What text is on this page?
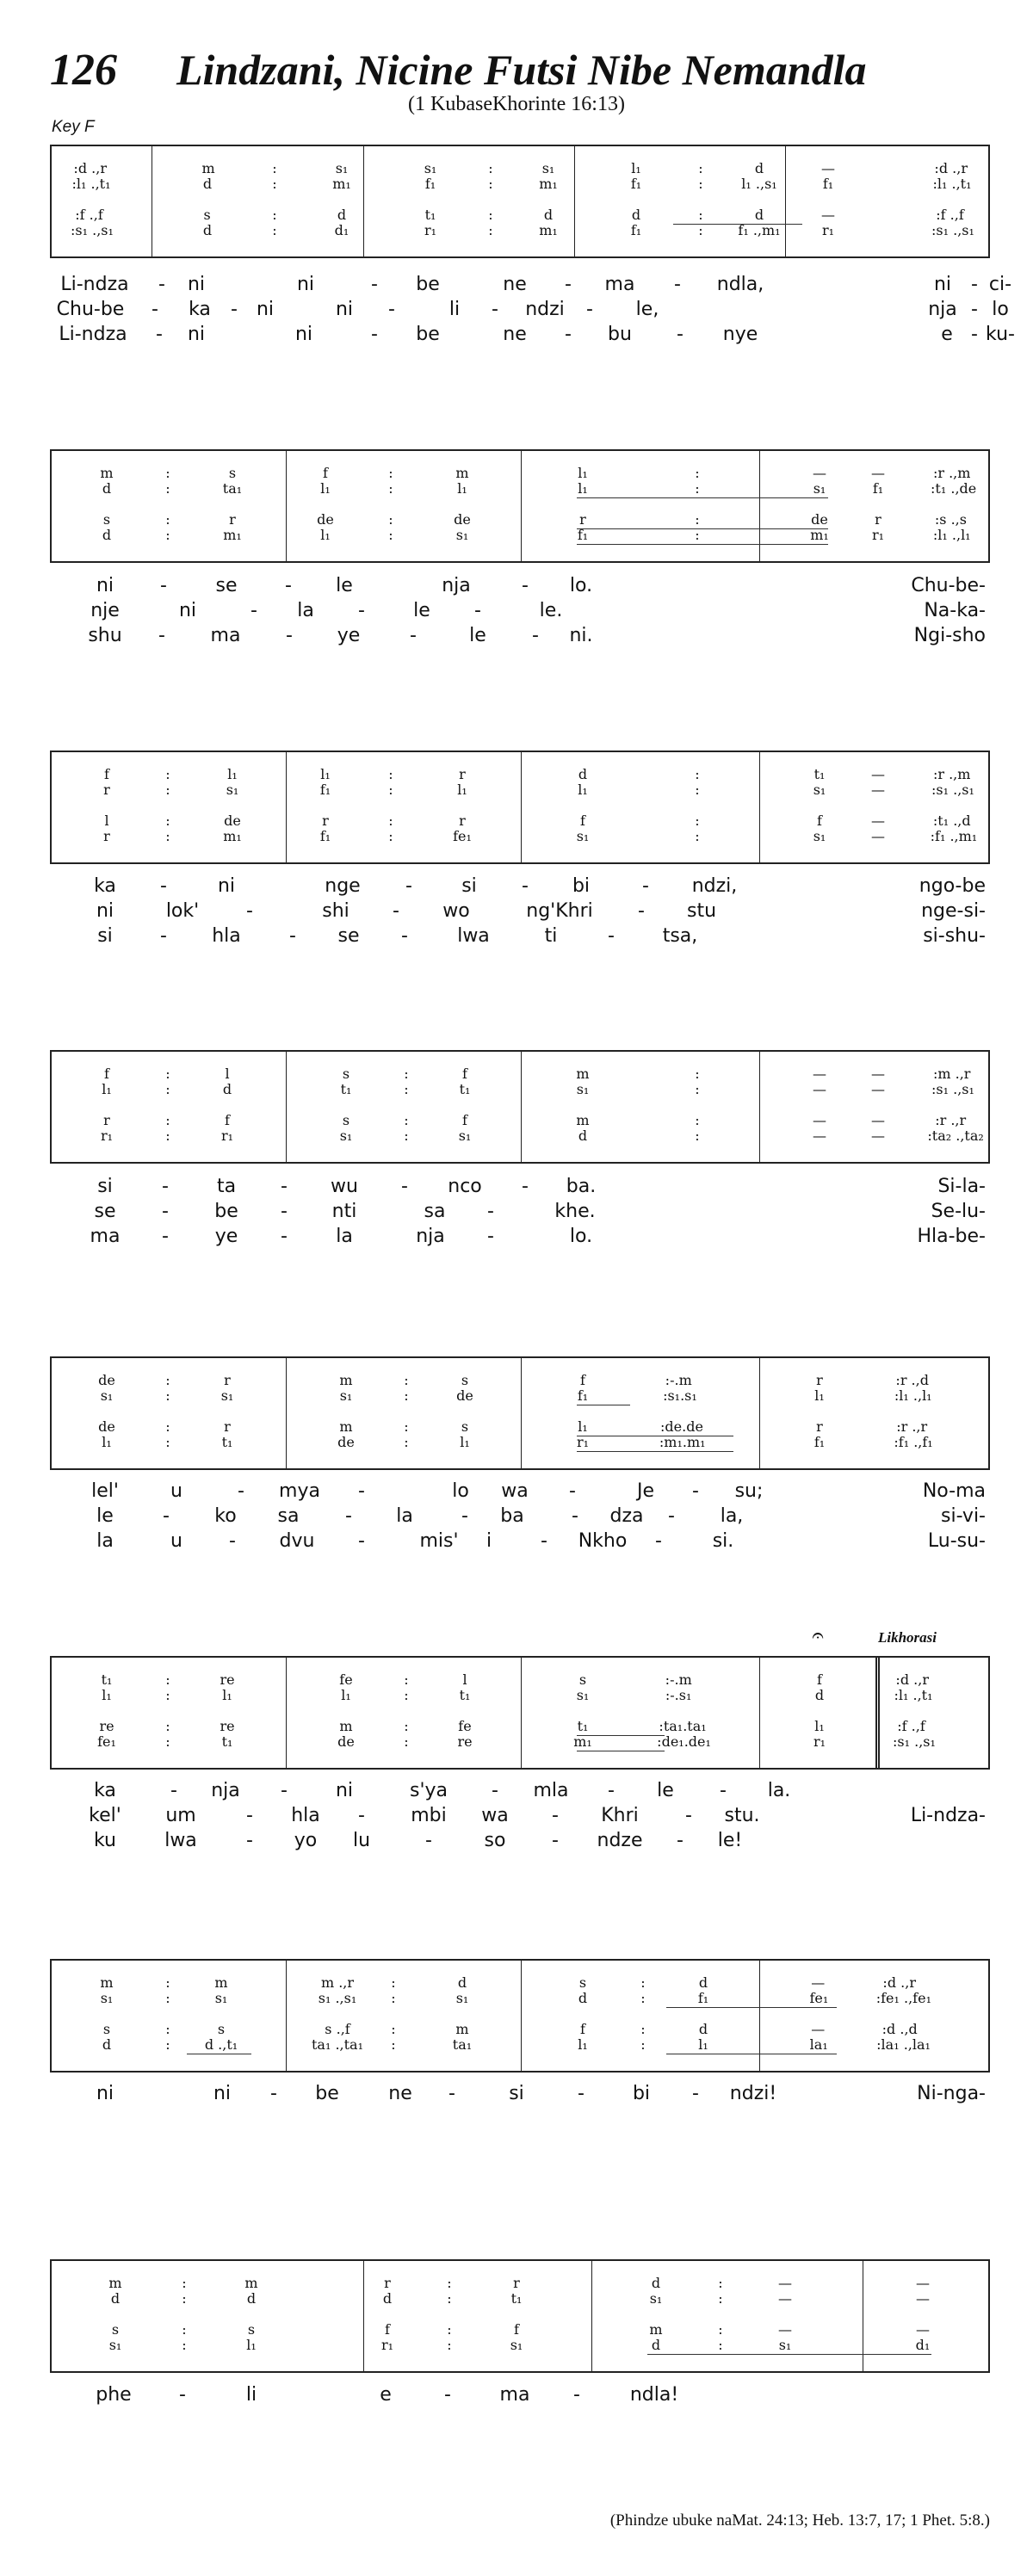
126 Lindzani, Nicine Futsi Nibe Nemandla
(1 KubaseKhorinte 16:13)
Key F
:d .,r	m	:	s₁	s₁	:	s₁	l₁	:	d	—	:d .,r
:l₁ .,t₁	d	:	m₁	f₁	:	m₁	f₁	:	l₁ .,s₁	f₁	:l₁ .,t₁
:f .,f	s	:	d	t₁	:	d	d	:	d	—	:f .,f
:s₁ .,s₁	d	:	d₁	r₁	:	m₁	f₁	:	f₁ .,m₁	r₁	:s₁ .,s₁
Li-ndza - ni	ni	- be	ne - ma - ndla,	ni - ci-
Chu-be - ka - ni	ni -	li - ndzi - le,	nja - lo
Li-ndza - ni	ni	- be	ne - bu - nye	e - ku-
m	:	s	f	:	m	l₁	:	—	—	:r .,m
d	:	ta₁	l₁	:	l₁	l₁	:	s₁	f₁	:t₁ .,de
s	:	r	de	:	de	r	:	de	r	:s .,s
d	:	m₁	l₁	:	s₁	f₁	:	m₁	r₁	:l₁ .,l₁
ni -	se	- le	nja	- lo.	Chu-be-
nje	ni	- la -	le -	le.	Na-ka-
shu - ma - ye	-	le - ni.	Ngi-sho
f	:	l₁	l₁	:	r	d	:	t₁	—	:r .,m
r	:	s₁	f₁	:	l₁	l₁	:	s₁	—	:s₁ .,s₁
l	:	de	r	:	r	f	:	f	—	:t₁ .,d
r	:	m₁	f₁	:	fe₁	s₁	:	s₁	—	:f₁ .,m₁
ka -	ni	nge -	si - bi	- ndzi,	ngo-be
ni	lok' -	shi - wo	ng'Khri - stu	nge-si-
si	- hla	- se -	lwa	ti	-	tsa,	si-shu-
f	:	l	s	:	f	m	:	—	—	:m .,r
l₁	:	d	t₁	:	t₁	s₁	:	—	—	:s₁ .,s₁
r	:	f	s	:	f	m	:	—	—	:r .,r
r₁	:	r₁	s₁	:	s₁	d	:	—	—	:ta₂ .,ta₂
si	-	ta - wu - nco - ba.	Si-la-
se - be - nti	sa -	khe.	Se-lu-
ma - ye -	la	nja -	lo.	Hla-be-
de	:	r	m	:	s	f	:-.m	r	:r .,d
s₁	:	s₁	s₁	:	de	f₁	:s₁.s₁	l₁	:l₁ .,l₁
de	:	r	m	:	s	l₁	:de.de	r	:r .,r
l₁	:	t₁	de	:	l₁	r₁	:m₁.m₁	f₁	:f₁ .,f₁
lel'	u	- mya -	lo wa -	Je - su;	No-ma
le	- ko sa - la	- ba	- dza - la,	si-vi-
la	u - dvu -	mis' i	- Nkho -	si.	Lu-su-
t₁	:	re	fe	:	l	s	:-.m	f	:d .,r
l₁	:	l₁	l₁	:	t₁	s₁	:-.s₁	d	:l₁ .,t₁
re	:	re	m	:	fe	t₁	:ta₁.ta₁	l₁	:f .,f
fe₁	:	t₁	de	:	re	m₁	:de₁.de₁	r₁	:s₁ .,s₁
ka	- nja -	ni	s'ya - mla - le - la.
kel' um	- hla - mbi wa - Khri - stu.	Li-ndza-
ku	lwa	- yo lu	-	so - ndze - le!
m	:	m	m .,r	:	d	s	:	d	—	:d .,r
s₁	:	s₁	s₁ .,s₁	:	s₁	d	:	f₁	fe₁	:fe₁ .,fe₁
s	:	s	s .,f	:	m	f	:	d	—	:d .,d
d	:	d .,t₁	ta₁ .,ta₁ :	ta₁	l₁	:	l₁	la₁	:la₁ .,la₁
ni	ni - be	ne -	si	-	bi - ndzi!	Ni-nga-
m	:	m	r	:	r	d	:	—	—
d	:	d	d	:	t₁	s₁	:	—	—
s	:	s	f	:	f	m	:	—	—
s₁	:	l₁	r₁	:	s₁	d	:	s₁	d₁
phe	-	li	e	-	ma -	ndla!
𝄐	Likhorasi
(Phindze ubuke naMat. 24:13; Heb. 13:7, 17; 1 Phet. 5:8.)
